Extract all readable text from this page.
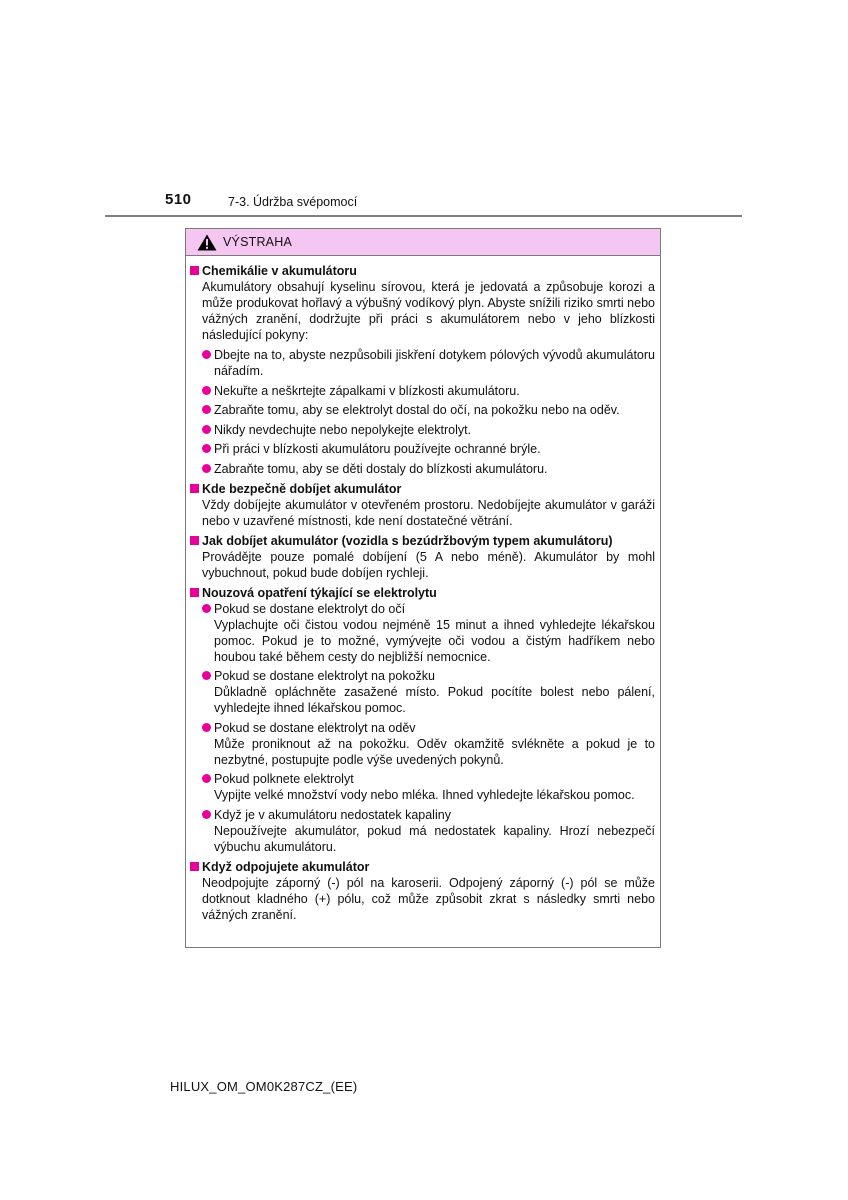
510	7-3. Údržba svépomocí
VÝSTRAHA
Chemikálie v akumulátoru
Akumulátory obsahují kyselinu sírovou, která je jedovatá a způsobuje korozi a může produkovat hořlavý a výbušný vodíkový plyn. Abyste snížili riziko smrti nebo vážných zranění, dodržujte při práci s akumulátorem nebo v jeho blízkosti následující pokyny:
Dbejte na to, abyste nezpůsobili jiskření dotykem pólových vývodů akumulátoru nářadím.
Nekuřte a neškrtejte zápalkami v blízkosti akumulátoru.
Zabraňte tomu, aby se elektrolyt dostal do očí, na pokožku nebo na oděv.
Nikdy nevdechujte nebo nepolykejte elektrolyt.
Při práci v blízkosti akumulátoru používejte ochranné brýle.
Zabraňte tomu, aby se děti dostaly do blízkosti akumulátoru.
Kde bezpečně dobíjet akumulátor
Vždy dobíjejte akumulátor v otevřeném prostoru. Nedobíjejte akumulátor v garáži nebo v uzavřené místnosti, kde není dostatečné větrání.
Jak dobíjet akumulátor (vozidla s bezúdržbovým typem akumulátoru)
Provádějte pouze pomalé dobíjení (5 A nebo méně). Akumulátor by mohl vybuchnout, pokud bude dobíjen rychleji.
Nouzová opatření týkající se elektrolytu
Pokud se dostane elektrolyt do očí
Vyplachujte oči čistou vodou nejméně 15 minut a ihned vyhledejte lékařskou pomoc. Pokud je to možné, vymývejte oči vodou a čistým hadříkem nebo houbou také během cesty do nejbližší nemocnice.
Pokud se dostane elektrolyt na pokožku
Důkladně opláchněte zasažené místo. Pokud pocítíte bolest nebo pálení, vyhledejte ihned lékařskou pomoc.
Pokud se dostane elektrolyt na oděv
Může proniknout až na pokožku. Oděv okamžitě svlékněte a pokud je to nezbytné, postupujte podle výše uvedených pokynů.
Pokud polknete elektrolyt
Vypijte velké množství vody nebo mléka. Ihned vyhledejte lékařskou pomoc.
Když je v akumulátoru nedostatek kapaliny
Nepoužívejte akumulátor, pokud má nedostatek kapaliny. Hrozí nebezpečí výbuchu akumulátoru.
Když odpojujete akumulátor
Neodpojujte záporný (-) pól na karoserii. Odpojený záporný (-) pól se může dotknout kladného (+) pólu, což může způsobit zkrat s následky smrti nebo vážných zranění.
HILUX_OM_OM0K287CZ_(EE)
